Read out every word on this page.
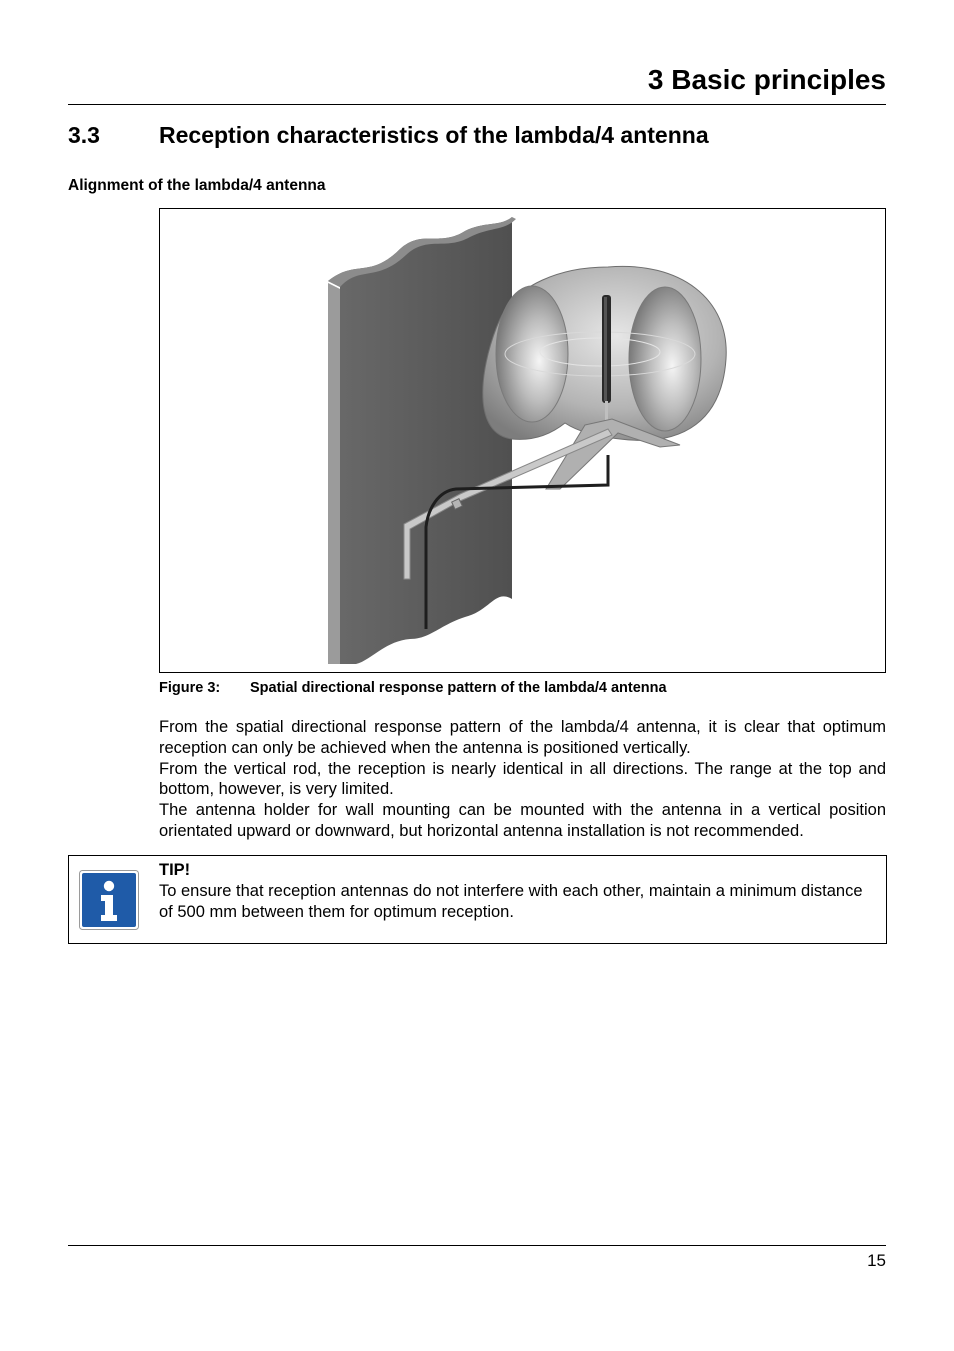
3 Basic principles
3.3	Reception characteristics of the lambda/4 antenna
Alignment of the lambda/4 antenna
Figure 3: Spatial directional response pattern of the lambda/4 antenna

From the spatial directional response pattern of the lambda/4 antenna, it is clear that optimum reception can only be achieved when the antenna is positioned vertically.

From the vertical rod, the reception is nearly identical in all directions. The range at the top and bottom, however, is very limited.

The antenna holder for wall mounting can be mounted with the antenna in a vertical position orientated upward or downward, but horizontal antenna installation is not recommended.

TIP!
To ensure that reception antennas do not interfere with each other, maintain a minimum distance of 500 mm between them for optimum reception.
15
